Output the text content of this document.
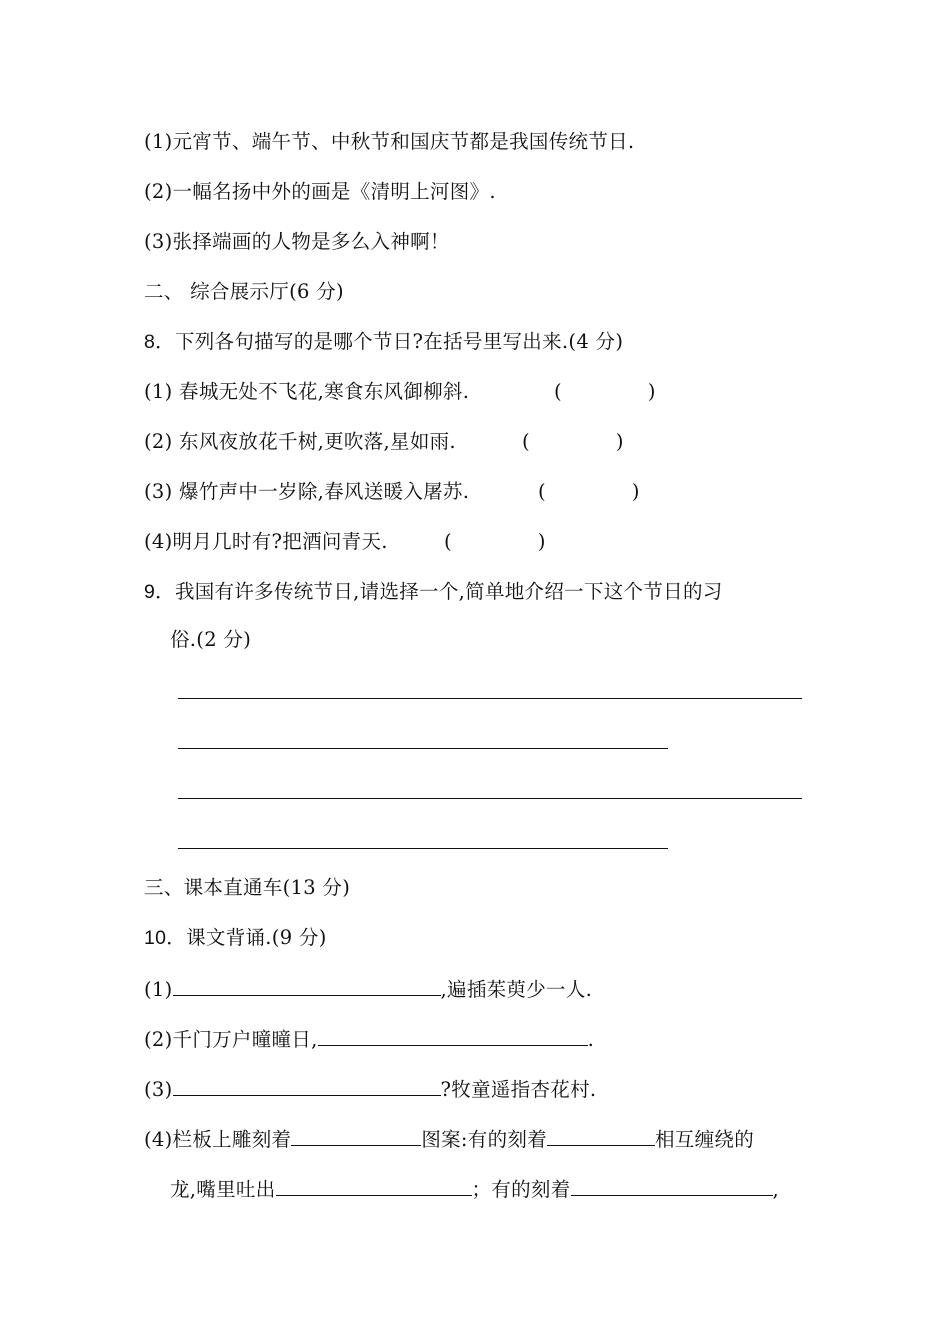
(1)元宵节、端午节、中秋节和国庆节都是我国传统节日.
(2)一幅名扬中外的画是《清明上河图》.
(3)张择端画的人物是多么入神啊！
二、 综合展示厅(6 分)
8．下列各句描写的是哪个节日?在括号里写出来.(4 分)
(1) 春城无处不飞花,寒食东风御柳斜.	(	)
(2) 东风夜放花千树,更吹落,星如雨.	(	)
(3) 爆竹声中一岁除,春风送暖入屠苏.	(	)
(4)明月几时有?把酒问青天.	(	)
9．我国有许多传统节日,请选择一个,简单地介绍一下这个节日的习
俗.(2 分)
三、课本直通车(13 分)
10．课文背诵.(9 分)
(1)	,遍插茱萸少一人.
(2)千门万户曈曈日,	.
(3)	?牧童遥指杏花村.
(4)栏板上雕刻着	图案:有的刻着	相互缠绕的
龙,嘴里吐出	；有的刻着	,
